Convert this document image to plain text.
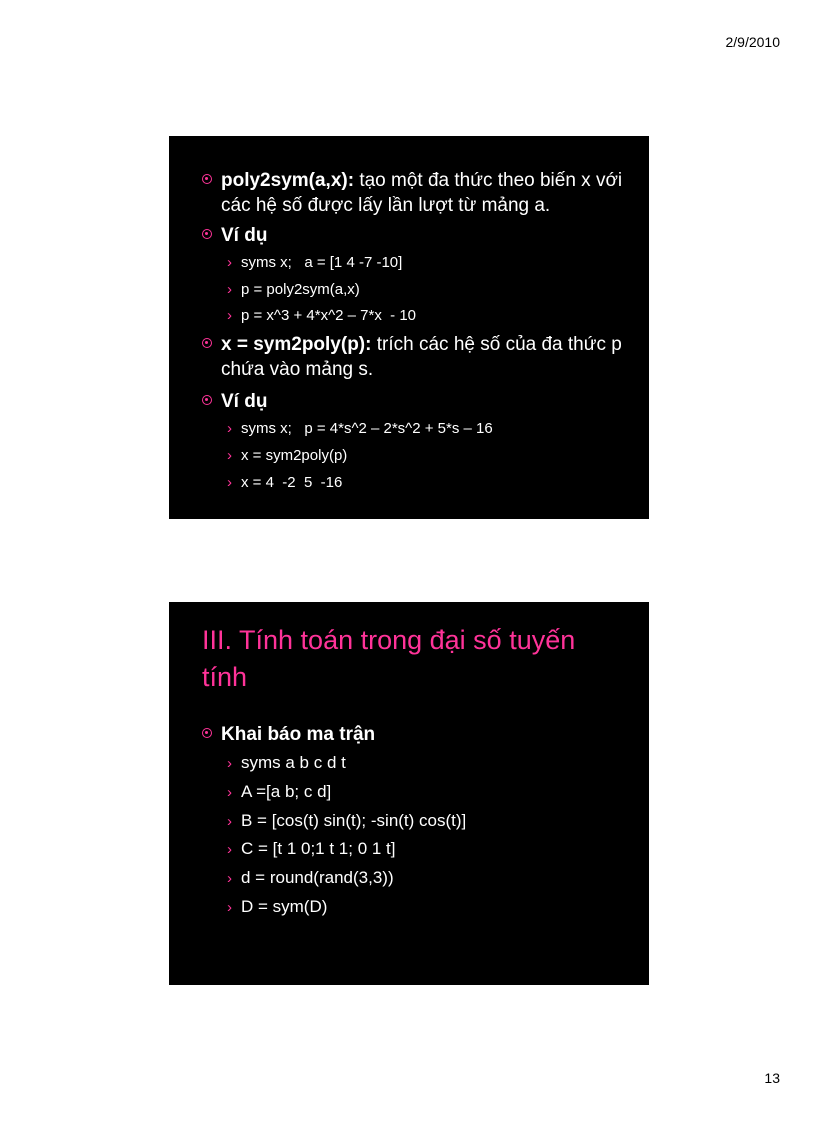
2/9/2010
poly2sym(a,x): tạo một đa thức theo biến x với các hệ số được lấy lần lượt từ mảng a.
Ví dụ
› syms x;   a = [1 4 -7 -10]
› p = poly2sym(a,x)
› p = x^3 + 4*x^2 – 7*x  - 10
x = sym2poly(p): trích các hệ số của đa thức p chứa vào mảng s.
Ví dụ
› syms x;   p = 4*s^2 – 2*s^2 + 5*s – 16
› x = sym2poly(p)
› x = 4  -2  5  -16
III. Tính toán trong đại số tuyến tính
Khai báo ma trận
› syms a b c d t
› A =[a b; c d]
› B = [cos(t) sin(t); -sin(t) cos(t)]
› C = [t 1 0;1 t 1; 0 1 t]
› d = round(rand(3,3))
› D = sym(D)
13
